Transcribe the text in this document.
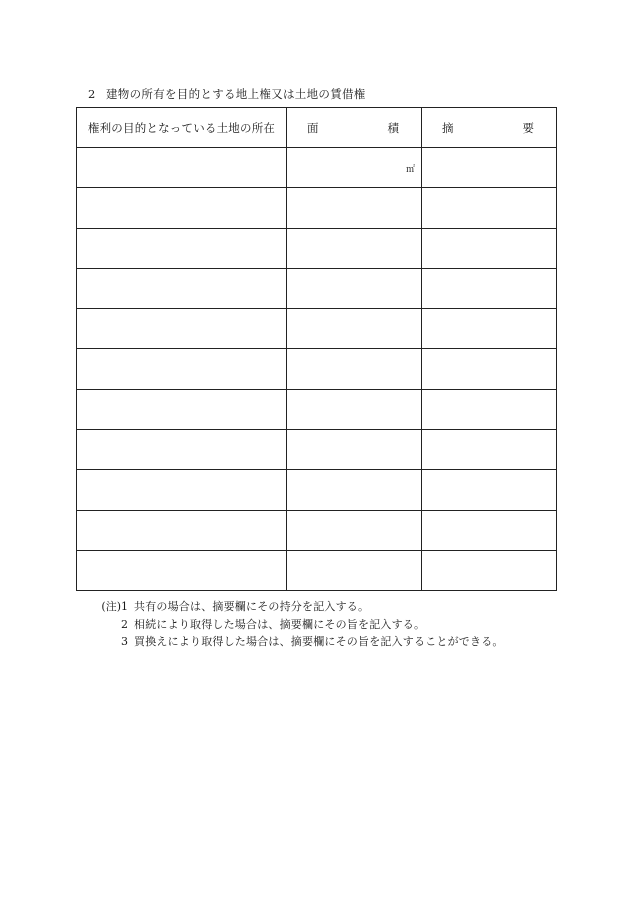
2 建物の所有を目的とする地上権又は土地の賃借権
権利の目的となっている土地の所在	面 積	摘 要

	㎡	

(注)1 共有の場合は、摘要欄にその持分を記入する。
2 相続により取得した場合は、摘要欄にその旨を記入する。
3 買換えにより取得した場合は、摘要欄にその旨を記入することができる。
